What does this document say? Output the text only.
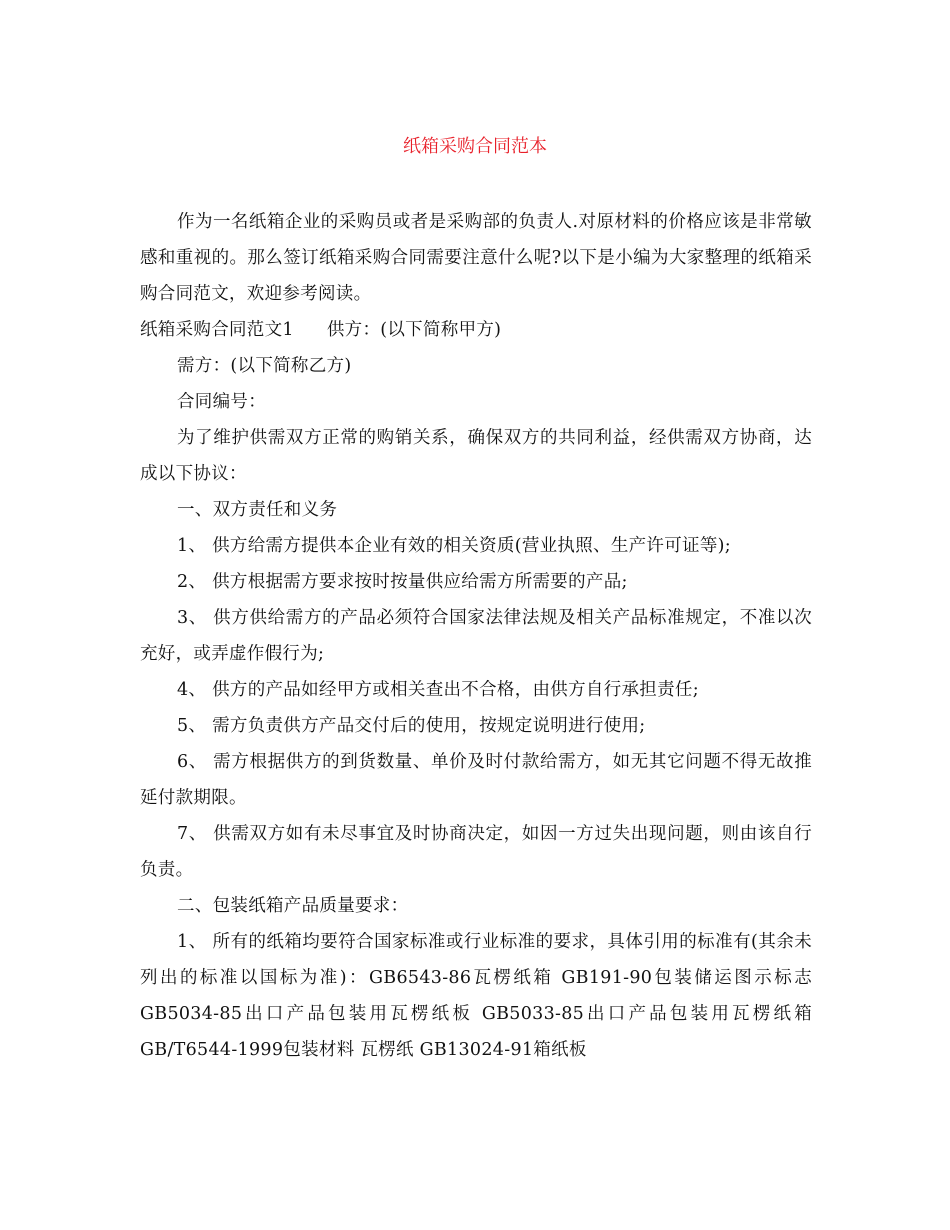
纸箱采购合同范本

作为一名纸箱企业的采购员或者是采购部的负责人.对原材料的价格应该是非常敏感和重视的。那么签订纸箱采购合同需要注意什么呢?以下是小编为大家整理的纸箱采购合同范文，欢迎参考阅读。

纸箱采购合同范文1 供方：(以下简称甲方)

需方：(以下简称乙方)

合同编号：

为了维护供需双方正常的购销关系，确保双方的共同利益，经供需双方协商，达成以下协议：

一、双方责任和义务

1、 供方给需方提供本企业有效的相关资质(营业执照、生产许可证等);

2、 供方根据需方要求按时按量供应给需方所需要的产品;

3、 供方供给需方的产品必须符合国家法律法规及相关产品标准规定，不准以次充好，或弄虚作假行为;

4、 供方的产品如经甲方或相关查出不合格，由供方自行承担责任;

5、 需方负责供方产品交付后的使用，按规定说明进行使用;

6、 需方根据供方的到货数量、单价及时付款给需方，如无其它问题不得无故推延付款期限。

7、 供需双方如有未尽事宜及时协商决定，如因一方过失出现问题，则由该自行负责。

二、包装纸箱产品质量要求：

1、 所有的纸箱均要符合国家标准或行业标准的要求，具体引用的标准有(其余未列出的标准以国标为准)：GB6543-86瓦楞纸箱 GB191-90包装储运图示标志 GB5034-85出口产品包装用瓦楞纸板 GB5033-85出口产品包装用瓦楞纸箱 GB/T6544-1999包装材料 瓦楞纸 GB13024-91箱纸板
